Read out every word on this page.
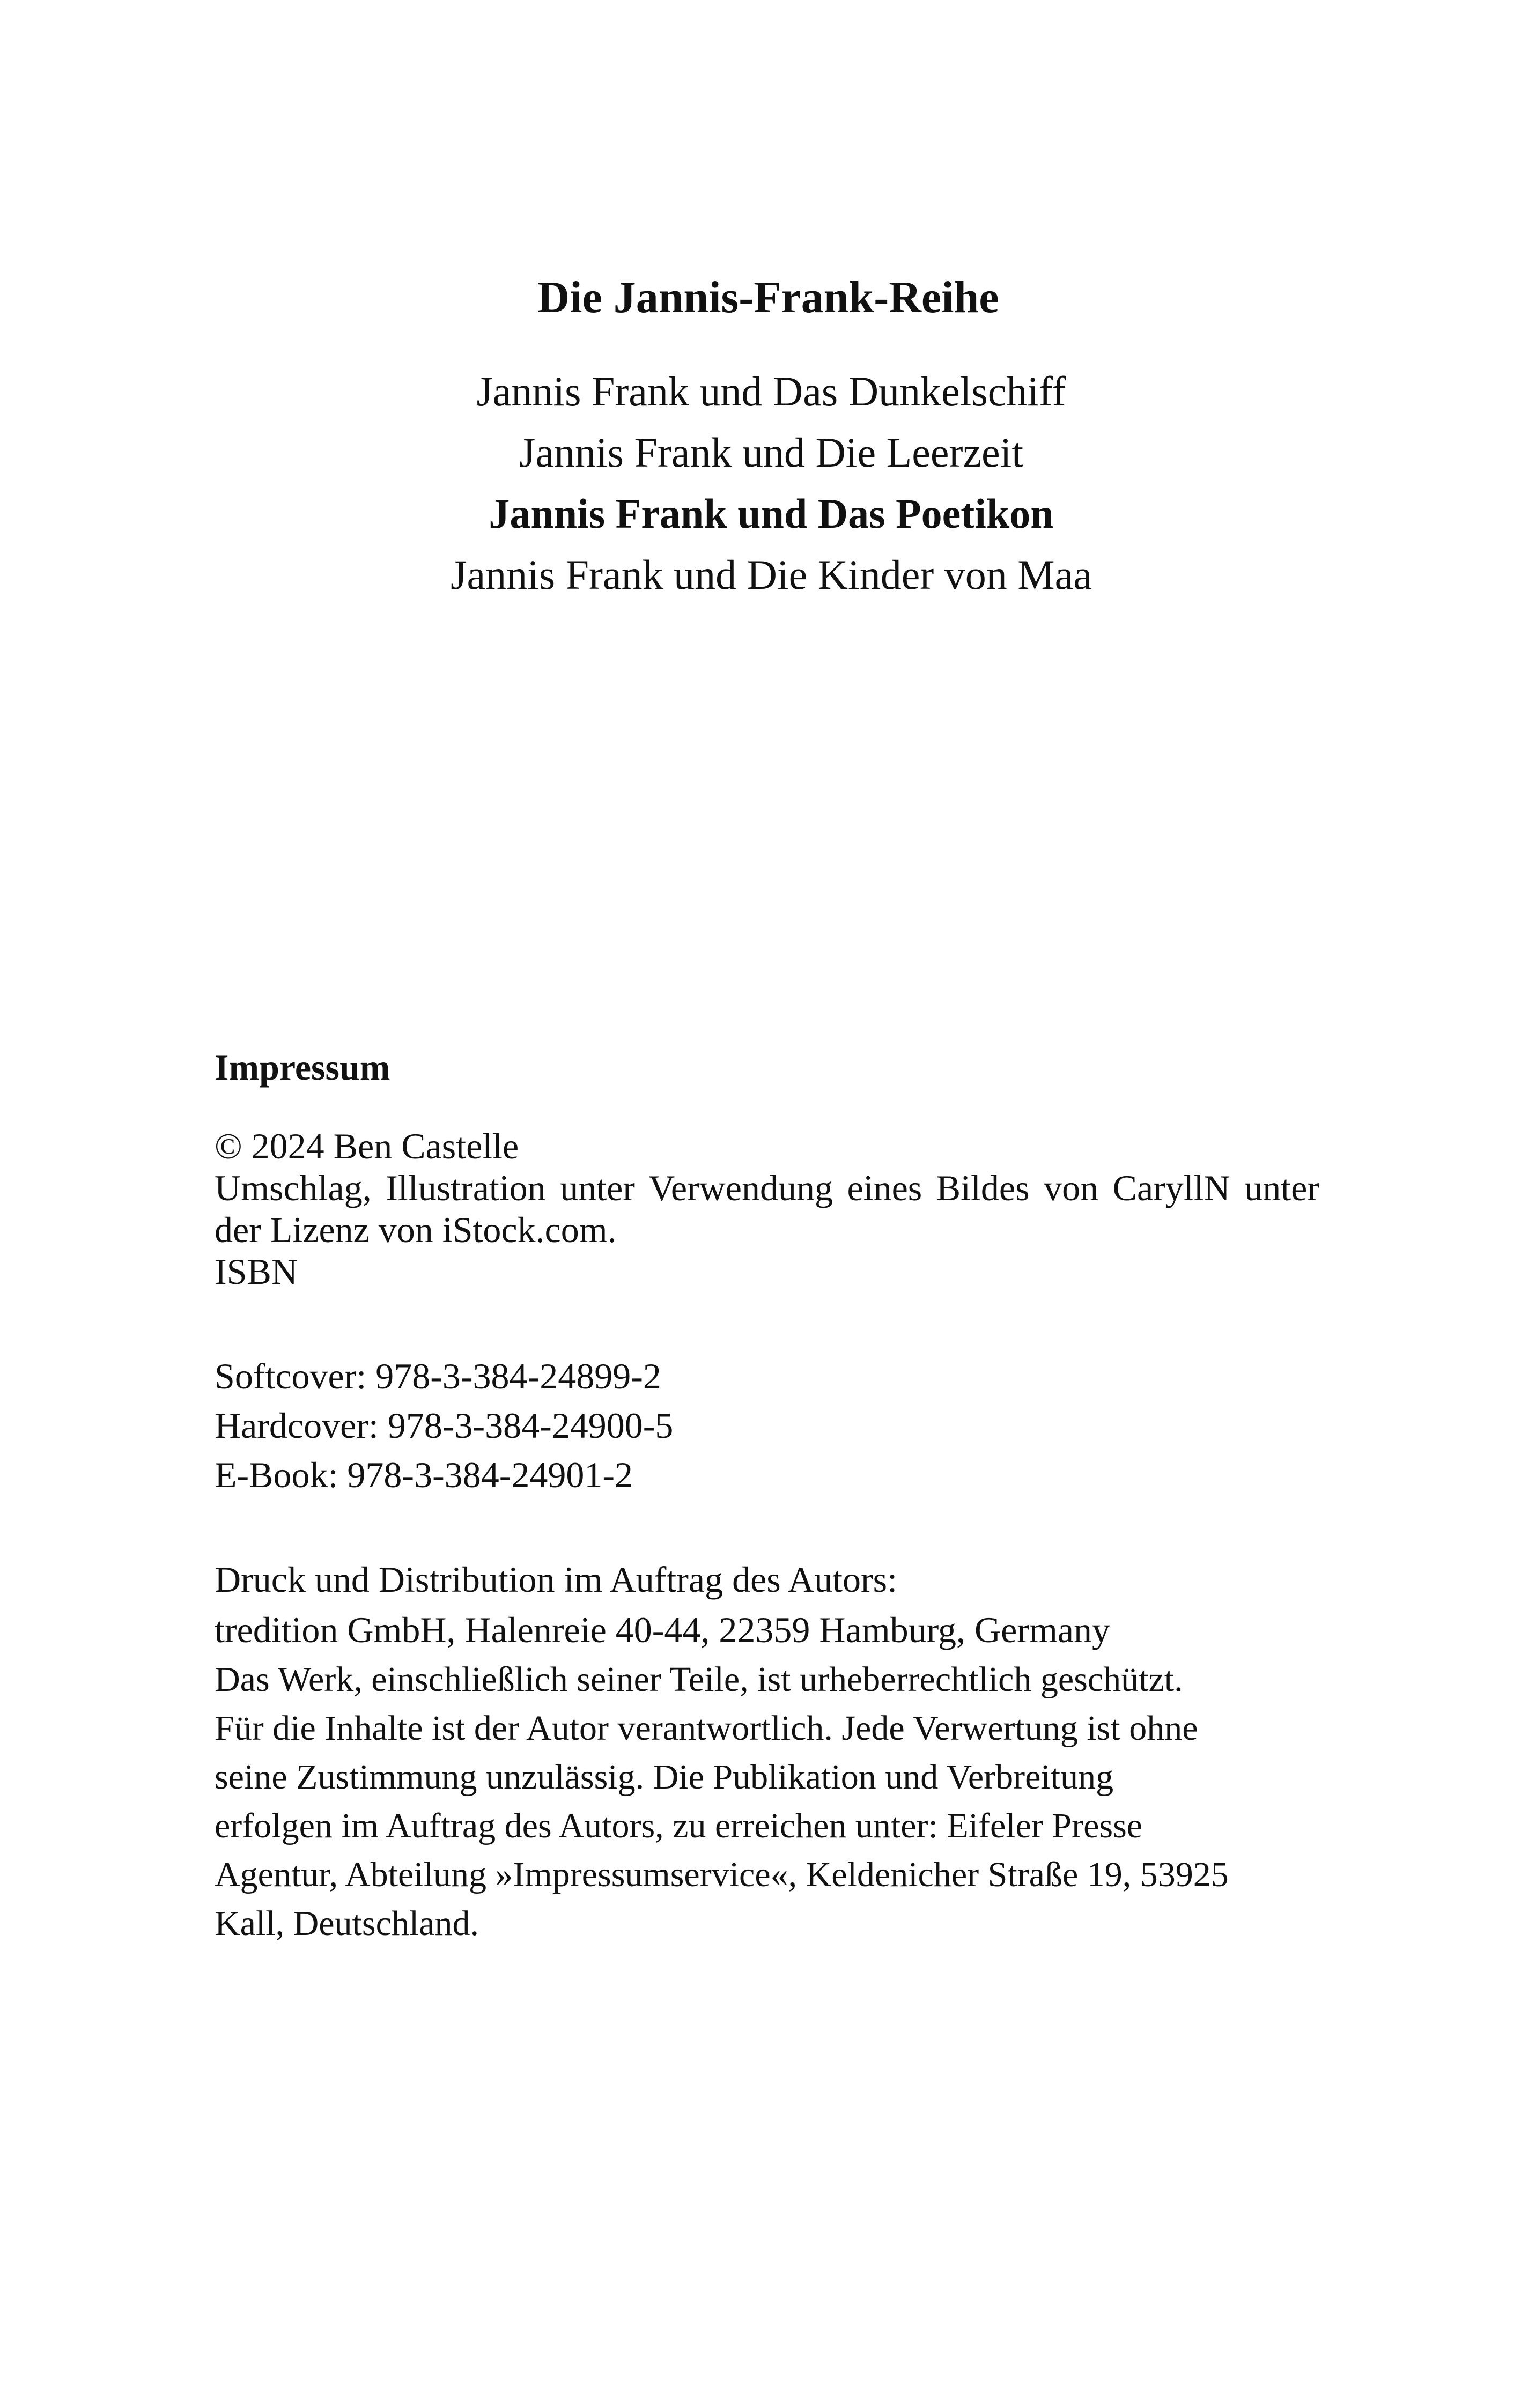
Die Jannis-Frank-Reihe
Jannis Frank und Das Dunkelschiff
Jannis Frank und Die Leerzeit
Jannis Frank und Das Poetikon
Jannis Frank und Die Kinder von Maa
Impressum

© 2024 Ben Castelle

Umschlag, Illustration unter Verwendung eines Bildes von CaryllN unter der Lizenz von iStock.com.

ISBN

Softcover: 978-3-384-24899-2

Hardcover: 978-3-384-24900-5

E-Book: 978-3-384-24901-2

Druck und Distribution im Auftrag des Autors:

tredition GmbH, Halenreie 40-44, 22359 Hamburg, Germany

Das Werk, einschließlich seiner Teile, ist urheberrechtlich geschützt.
Für die Inhalte ist der Autor verantwortlich. Jede Verwertung ist ohne
seine Zustimmung unzulässig. Die Publikation und Verbreitung
erfolgen im Auftrag des Autors, zu erreichen unter: Eifeler Presse
Agentur, Abteilung »Impressumservice«, Keldenicher Straße 19, 53925
Kall, Deutschland.
